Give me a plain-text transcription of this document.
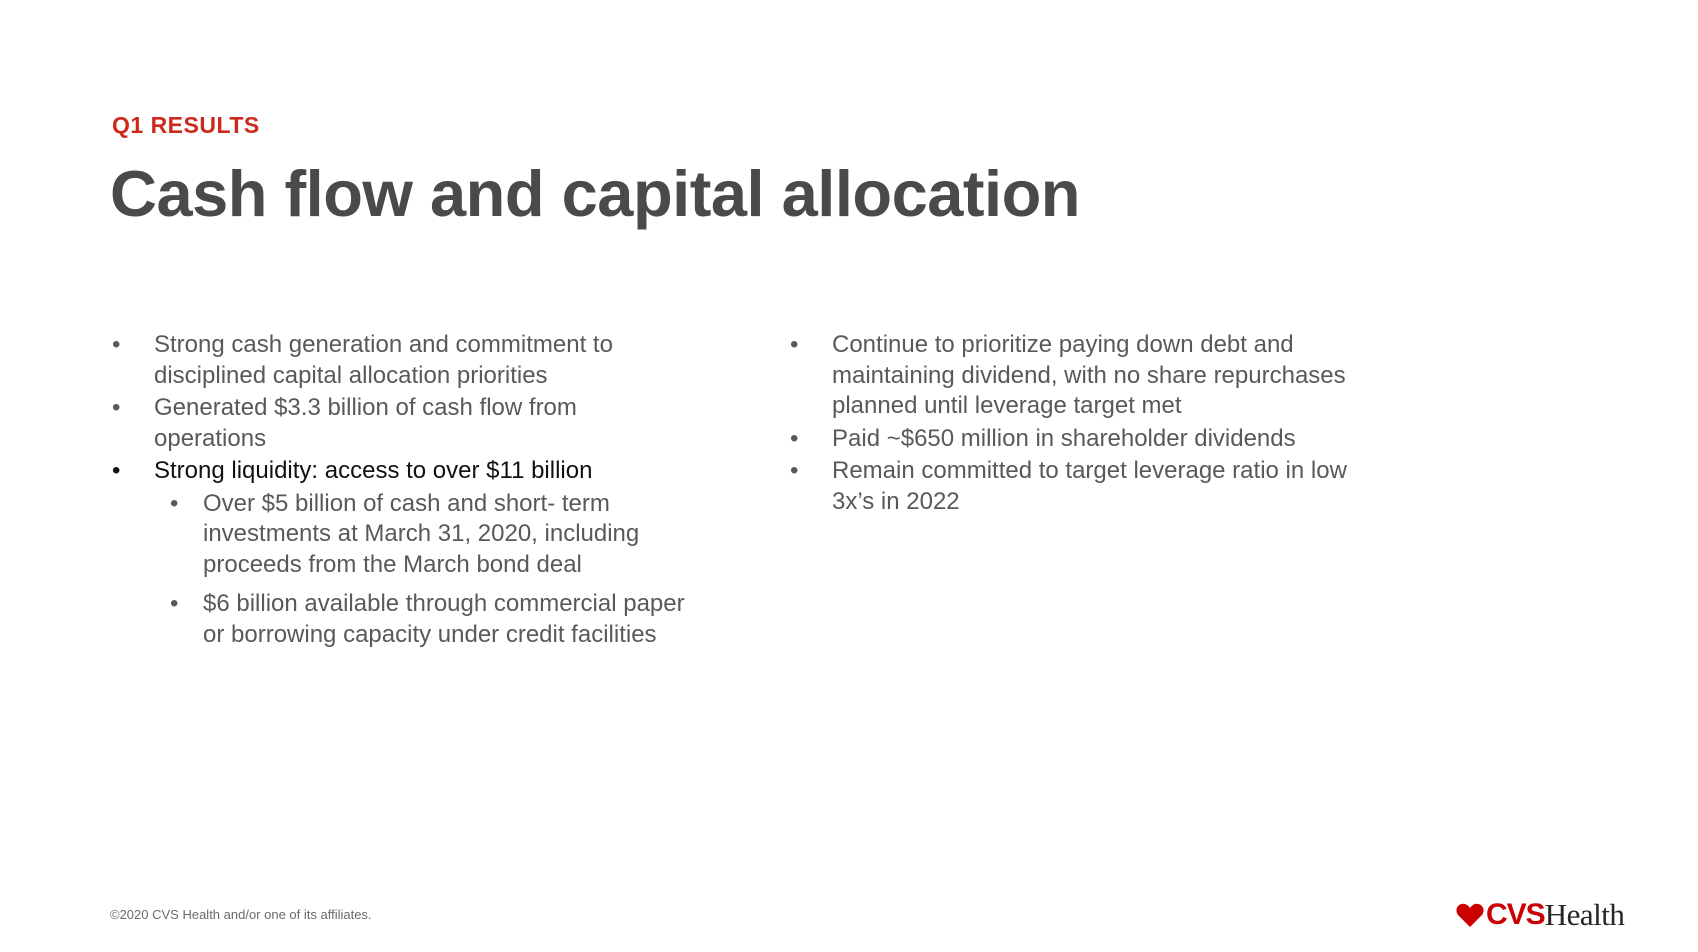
Q1 RESULTS
Cash flow and capital allocation
• Strong cash generation and commitment to disciplined capital allocation priorities
• Generated $3.3 billion of cash flow from operations
• Strong liquidity: access to over $11 billion
• Over $5 billion of cash and short- term investments at March 31, 2020, including proceeds from the March bond deal
• $6 billion available through commercial paper or borrowing capacity under credit facilities
• Continue to prioritize paying down debt and maintaining dividend, with no share repurchases planned until leverage target met
• Paid ~$650 million in shareholder dividends
• Remain committed to target leverage ratio in low 3x’s in 2022
©2020 CVS Health and/or one of its affiliates.	CVS Health
